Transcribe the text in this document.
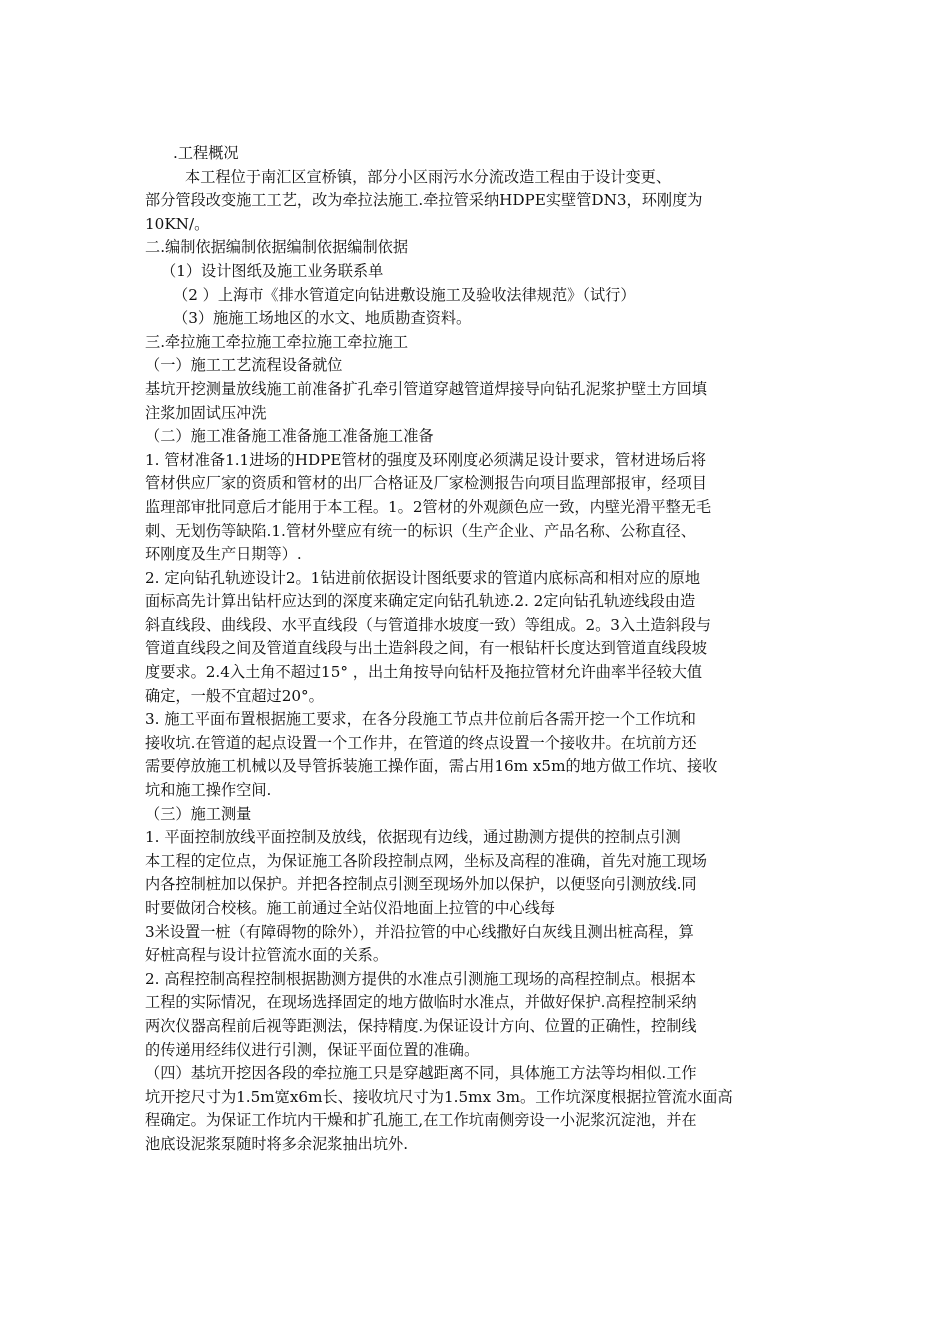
.工程概况
本工程位于南汇区宣桥镇，部分小区雨污水分流改造工程由于设计变更、
部分管段改变施工工艺，改为牵拉法施工.牵拉管采纳HDPE实壁管DN3，环刚度为
10KN/。
二.编制依据编制依据编制依据编制依据
（1）设计图纸及施工业务联系单
（2 ）上海市《排水管道定向钻进敷设施工及验收法律规范》（试行）
（3）施施工场地区的水文、地质勘查资料。
三.牵拉施工牵拉施工牵拉施工牵拉施工
（一）施工工艺流程设备就位
基坑开挖测量放线施工前准备扩孔牵引管道穿越管道焊接导向钻孔泥浆护壁土方回填
注浆加固试压冲洗
（二）施工准备施工准备施工准备施工准备
1. 管材准备1.1进场的HDPE管材的强度及环刚度必须满足设计要求，管材进场后将
管材供应厂家的资质和管材的出厂合格证及厂家检测报告向项目监理部报审，经项目
监理部审批同意后才能用于本工程。1。2管材的外观颜色应一致，内壁光滑平整无毛
刺、无划伤等缺陷.1.管材外壁应有统一的标识（生产企业、产品名称、公称直径、
环刚度及生产日期等）.
2. 定向钻孔轨迹设计2。1钻进前依据设计图纸要求的管道内底标高和相对应的原地
面标高先计算出钻杆应达到的深度来确定定向钻孔轨迹.2. 2定向钻孔轨迹线段由造
斜直线段、曲线段、水平直线段（与管道排水坡度一致）等组成。2。3入土造斜段与
管道直线段之间及管道直线段与出土造斜段之间，有一根钻杆长度达到管道直线段坡
度要求。2.4入土角不超过15° ，出土角按导向钻杆及拖拉管材允许曲率半径较大值
确定，一般不宜超过20°。
3. 施工平面布置根据施工要求，在各分段施工节点井位前后各需开挖一个工作坑和
接收坑.在管道的起点设置一个工作井，在管道的终点设置一个接收井。在坑前方还
需要停放施工机械以及导管拆装施工操作面，需占用16m x5m的地方做工作坑、接收
坑和施工操作空间.
（三）施工测量
1. 平面控制放线平面控制及放线，依据现有边线，通过勘测方提供的控制点引测
本工程的定位点，为保证施工各阶段控制点网，坐标及高程的准确，首先对施工现场
内各控制桩加以保护。并把各控制点引测至现场外加以保护，以便竖向引测放线.同
时要做闭合校核。施工前通过全站仪沿地面上拉管的中心线每
3米设置一桩（有障碍物的除外），并沿拉管的中心线撒好白灰线且测出桩高程，算
好桩高程与设计拉管流水面的关系。
2. 高程控制高程控制根据勘测方提供的水准点引测施工现场的高程控制点。根据本
工程的实际情况，在现场选择固定的地方做临时水准点，并做好保护.高程控制采纳
两次仪器高程前后视等距测法，保持精度.为保证设计方向、位置的正确性，控制线
的传递用经纬仪进行引测，保证平面位置的准确。
（四）基坑开挖因各段的牵拉施工只是穿越距离不同，具体施工方法等均相似.工作
坑开挖尺寸为1.5m宽x6m长、接收坑尺寸为1.5mx 3m。工作坑深度根据拉管流水面高
程确定。为保证工作坑内干燥和扩孔施工,在工作坑南侧旁设一小泥浆沉淀池，并在
池底设泥浆泵随时将多余泥浆抽出坑外.
